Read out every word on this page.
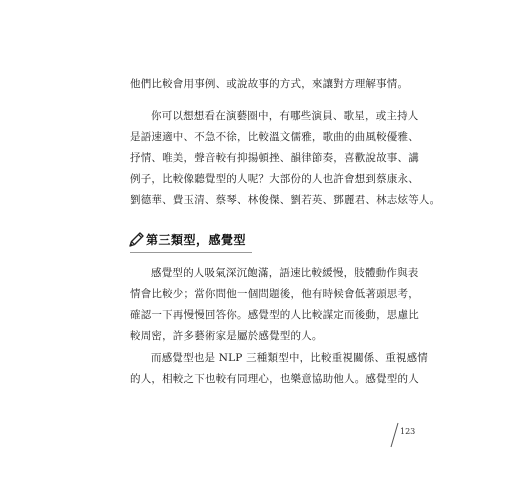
他們比較會用事例、或說故事的方式，來讓對方理解事情。
你可以想想看在演藝圈中，有哪些演員、歌星，或主持人
是語速適中、不急不徐，比較溫文儒雅，歌曲的曲風較優雅、
抒情、唯美，聲音較有抑揚頓挫、韻律節奏，喜歡說故事、講
例子，比較像聽覺型的人呢？大部份的人也許會想到蔡康永、
劉德華、費玉清、蔡琴、林俊傑、劉若英、鄧麗君、林志炫等人。
第三類型，感覺型
感覺型的人吸氣深沉飽滿，語速比較緩慢，肢體動作與表
情會比較少；當你問他一個問題後，他有時候會低著頭思考，
確認一下再慢慢回答你。感覺型的人比較謀定而後動，思慮比
較周密，許多藝術家是屬於感覺型的人。
而感覺型也是 NLP 三種類型中，比較重視關係、重視感情
的人，相較之下也較有同理心，也樂意協助他人。感覺型的人
123
